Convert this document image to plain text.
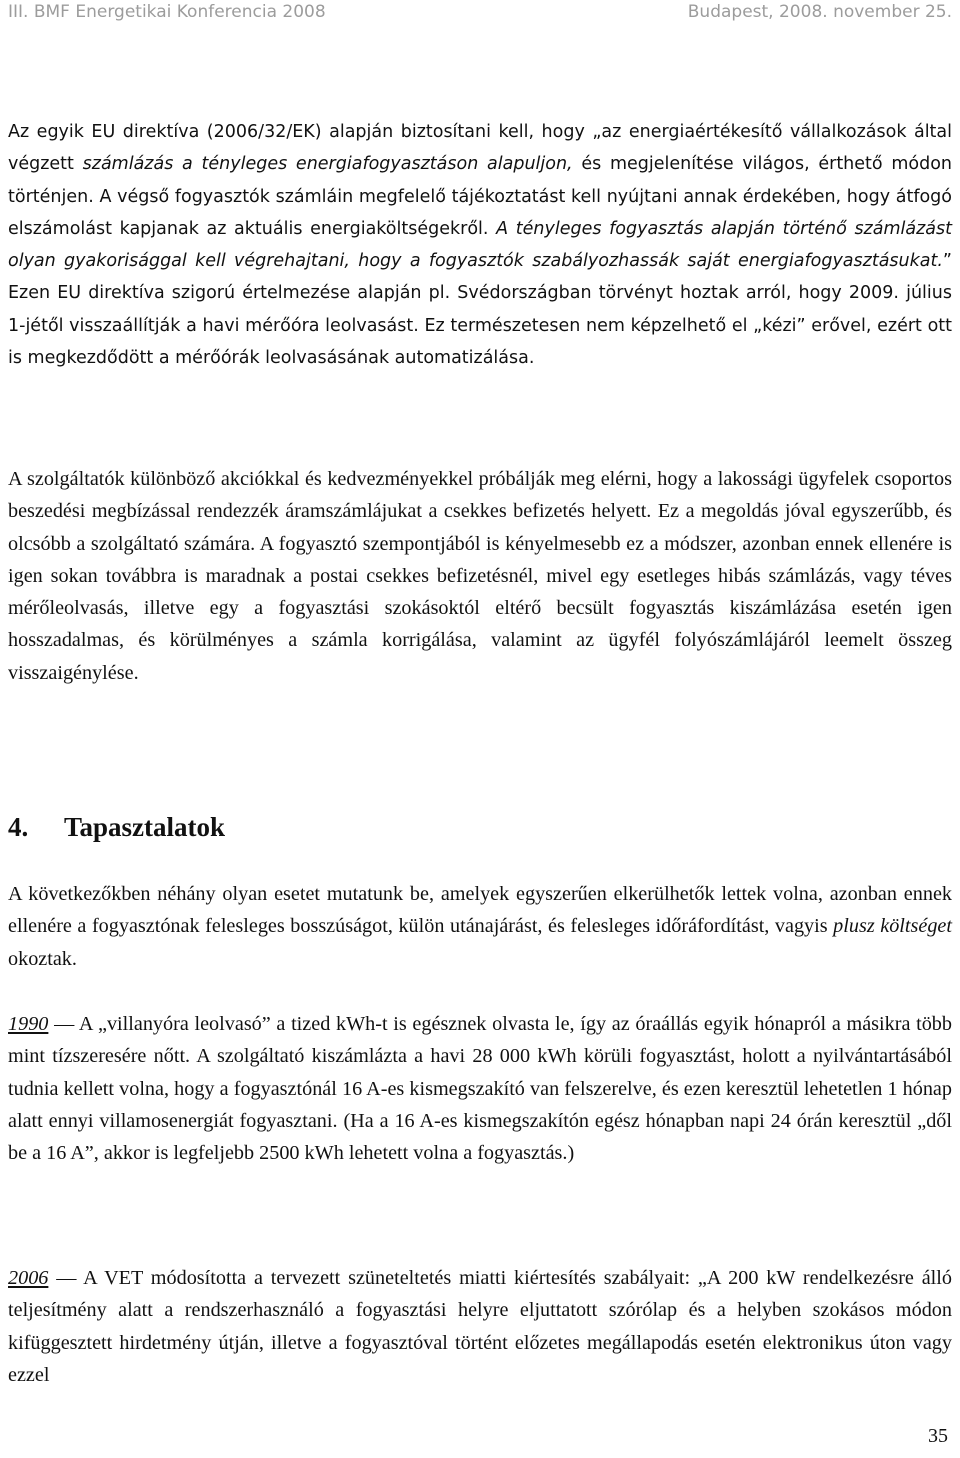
III. BMF Energetikai Konferencia 2008	Budapest, 2008. november 25.

Az egyik EU direktíva (2006/32/EK) alapján biztosítani kell, hogy „az energiaértékesítő vállalkozások által végzett számlázás a tényleges energiafogyasztáson alapuljon, és megjelenítése világos, érthető módon történjen. A végső fogyasztók számláin megfelelő tájékoztatást kell nyújtani annak érdekében, hogy átfogó elszámolást kapjanak az aktuális energiaköltségekről. A tényleges fogyasztás alapján történő számlázást olyan gyakorisággal kell végrehajtani, hogy a fogyasztók szabályozhassák saját energiafogyasztásukat.” Ezen EU direktíva szigorú értelmezése alapján pl. Svédországban törvényt hoztak arról, hogy 2009. július 1-jétől visszaállítják a havi mérőóra leolvasást. Ez természetesen nem képzelhető el „kézi” erővel, ezért ott is megkezdődött a mérőórák leolvasásának automatizálása.

A szolgáltatók különböző akciókkal és kedvezményekkel próbálják meg elérni, hogy a lakossági ügyfelek csoportos beszedési megbízással rendezzék áramszámlájukat a csekkes befizetés helyett. Ez a megoldás jóval egyszerűbb, és olcsóbb a szolgáltató számára. A fogyasztó szempontjából is kényelmesebb ez a módszer, azonban ennek ellenére is igen sokan továbbra is maradnak a postai csekkes befizetésnél, mivel egy esetleges hibás számlázás, vagy téves mérőleolvasás, illetve egy a fogyasztási szokásoktól eltérő becsült fogyasztás kiszámlázása esetén igen hosszadalmas, és körülményes a számla korrigálása, valamint az ügyfél folyószámlájáról leemelt összeg visszaigénylése.

4. Tapasztalatok

A következőkben néhány olyan esetet mutatunk be, amelyek egyszerűen elkerülhetők lettek volna, azonban ennek ellenére a fogyasztónak felesleges bosszúságot, külön utánajárást, és felesleges időráfordítást, vagyis plusz költséget okoztak.

1990 — A „villanyóra leolvasó” a tized kWh-t is egésznek olvasta le, így az óraállás egyik hónapról a másikra több mint tízszeresére nőtt. A szolgáltató kiszámlázta a havi 28 000 kWh körüli fogyasztást, holott a nyilvántartásából tudnia kellett volna, hogy a fogyasztónál 16 A-es kismegszakító van felszerelve, és ezen keresztül lehetetlen 1 hónap alatt ennyi villamosenergiát fogyasztani. (Ha a 16 A-es kismegszakítón egész hónapban napi 24 órán keresztül „dől be a 16 A”, akkor is legfeljebb 2500 kWh lehetett volna a fogyasztás.)

2006 — A VET módosította a tervezett szüneteltetés miatti kiértesítés szabályait: „A 200 kW rendelkezésre álló teljesítmény alatt a rendszerhasználó a fogyasztási helyre eljuttatott szórólap és a helyben szokásos módon kifüggesztett hirdetmény útján, illetve a fogyasztóval történt előzetes megállapodás esetén elektronikus úton vagy ezzel

35
